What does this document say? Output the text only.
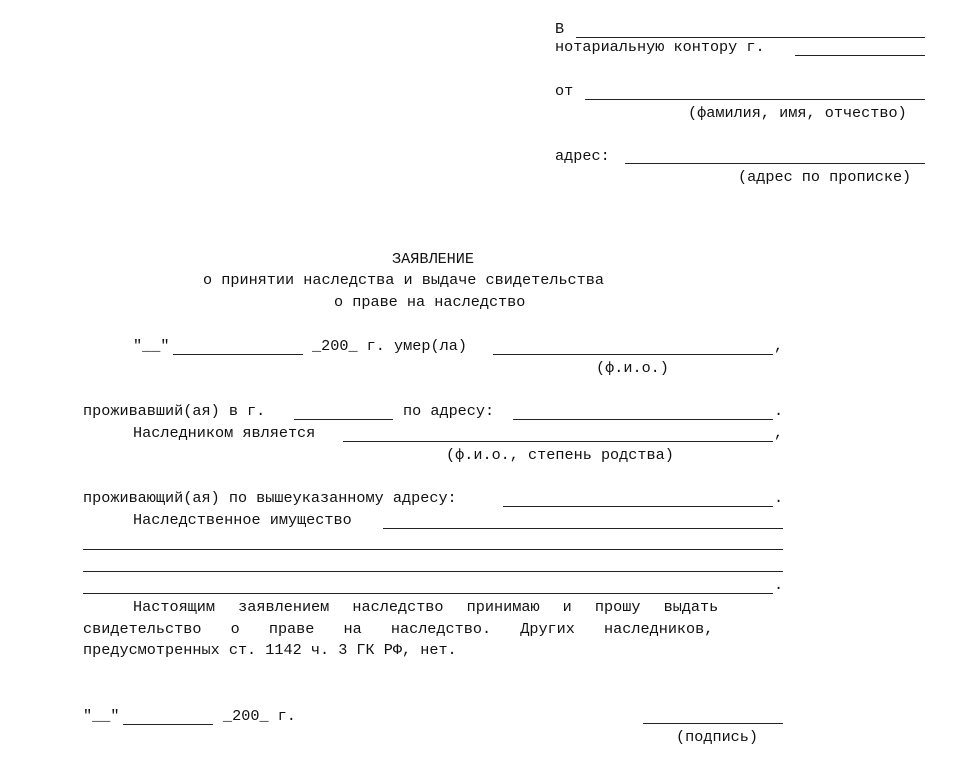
В
нотариальную контору г.
от
(фамилия, имя, отчество)
адрес:
(адрес по прописке)
ЗАЯВЛЕНИЕ
о принятии наследства и выдаче свидетельства
о праве на наследство
"__"	_200_ г. умер(ла)	,
(ф.и.о.)
проживавший(ая) в г.	по адресу:	.
Наследником является	,
(ф.и.о., степень родства)
проживающий(ая) по вышеуказанному адресу:	.
Наследственное имущество
.
Настоящим заявлением наследство принимаю и прошу выдать
свидетельство о праве на наследство. Других наследников,
предусмотренных ст. 1142 ч. 3 ГК РФ, нет.
"__"	_200_ г.
(подпись)
